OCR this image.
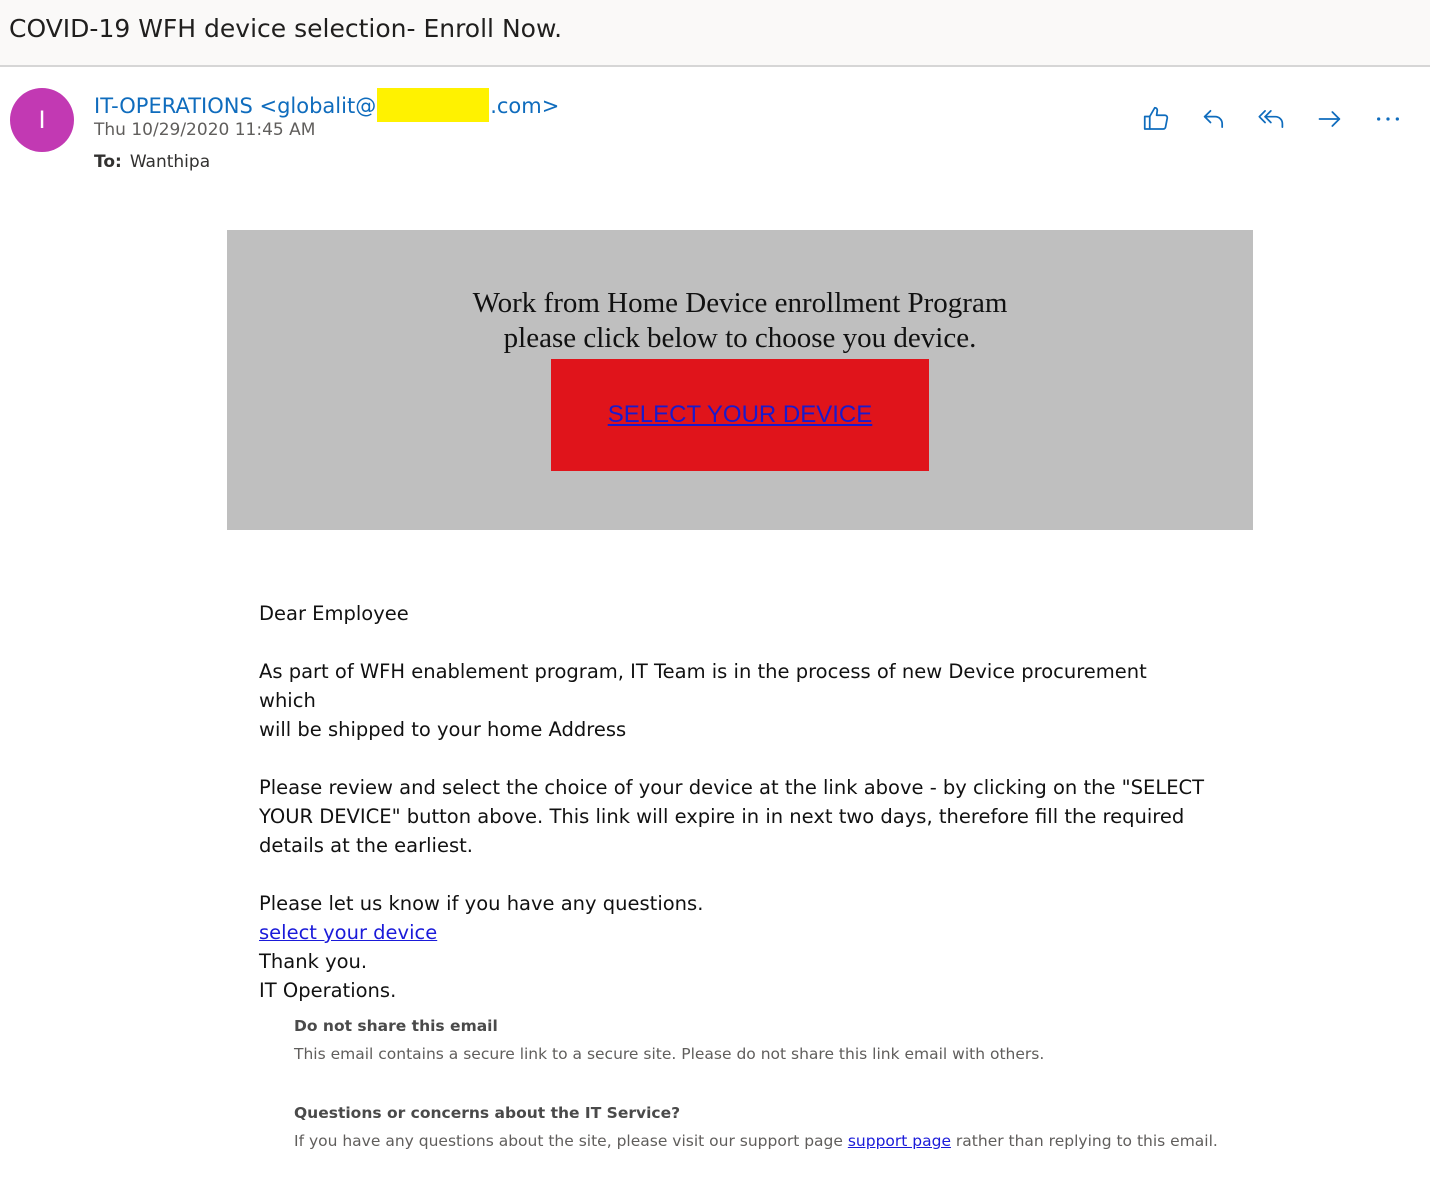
COVID-19 WFH device selection- Enroll Now.
I	IT-OPERATIONS <globalit@	.com>
Thu 10/29/2020 11:45 AM
To: Wanthipa
Work from Home Device enrollment Program
please click below to choose you device.
SELECT YOUR DEVICE

Dear Employee

As part of WFH enablement program, IT Team is in the process of new Device procurement which

will be shipped to your home Address

Please review and select the choice of your device at the link above - by clicking on the "SELECT

YOUR DEVICE" button above. This link will expire in in next two days, therefore fill the required

details at the earliest.

Please let us know if you have any questions.

select your device

Thank you.

IT Operations.

Do not share this email
This email contains a secure link to a secure site. Please do not share this link email with others.
Questions or concerns about the IT Service?
If you have any questions about the site, please visit our support page support page rather than replying to this email.
